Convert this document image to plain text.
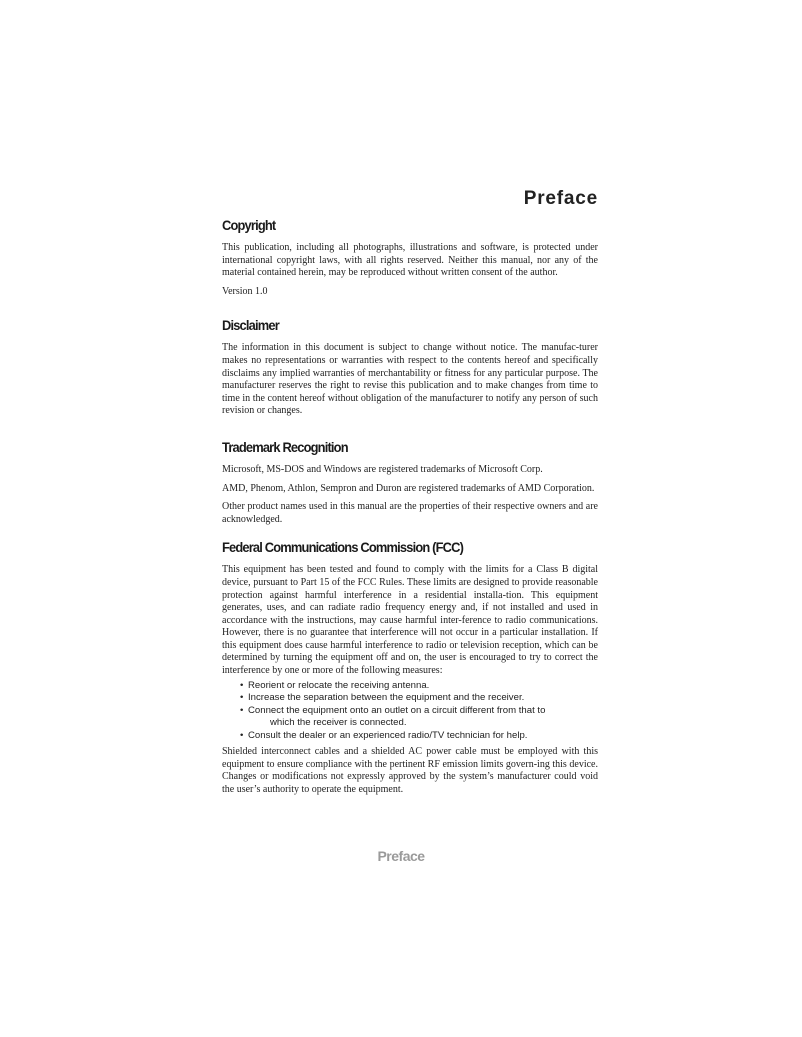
Preface
Copyright

This publication, including all photographs, illustrations and software, is protected under international copyright laws, with all rights reserved. Neither this manual, nor any of the material contained herein, may be reproduced without written consent of the author.

Version 1.0

Disclaimer

The information in this document is subject to change without notice. The manufac-turer makes no representations or warranties with respect to the contents hereof and specifically disclaims any implied warranties of merchantability or fitness for any particular purpose. The manufacturer reserves the right to revise this publication and to make changes from time to time in the content hereof without obligation of the manufacturer to notify any person of such revision or changes.

Trademark Recognition

Microsoft, MS-DOS and Windows are registered trademarks of Microsoft Corp.

AMD, Phenom, Athlon, Sempron and Duron are registered trademarks of AMD Corporation.

Other product names used in this manual are the properties of their respective owners and are acknowledged.

Federal Communications Commission (FCC)

This equipment has been tested and found to comply with the limits for a Class B digital device, pursuant to Part 15 of the FCC Rules. These limits are designed to provide reasonable protection against harmful interference in a residential installa-tion. This equipment generates, uses, and can radiate radio frequency energy and, if not installed and used in accordance with the instructions, may cause harmful inter-ference to radio communications. However, there is no guarantee that interference will not occur in a particular installation. If this equipment does cause harmful interference to radio or television reception, which can be determined by turning the equipment off and on, the user is encouraged to try to correct the interference by one or more of the following measures:

• Reorient or relocate the receiving antenna.
• Increase the separation between the equipment and the receiver.
• Connect the equipment onto an outlet on a circuit different from that to
which the receiver is connected.
• Consult the dealer or an experienced radio/TV technician for help.

Shielded interconnect cables and a shielded AC power cable must be employed with this equipment to ensure compliance with the pertinent RF emission limits govern-ing this device. Changes or modifications not expressly approved by the system’s manufacturer could void the user’s authority to operate the equipment.

Preface
